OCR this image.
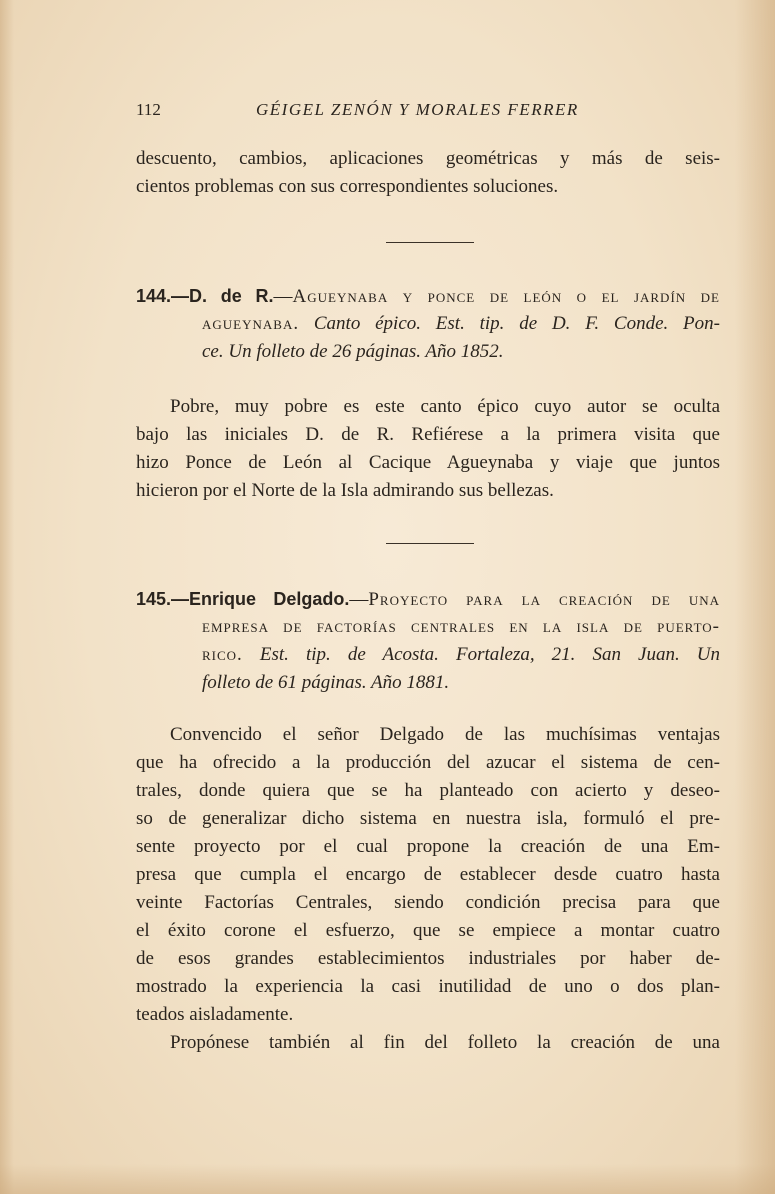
112	GÉIGEL ZENÓN Y MORALES FERRER
descuento, cambios, aplicaciones geométricas y más de seis-
cientos problemas con sus correspondientes soluciones.
144.—D. de R.—Agueynaba y ponce de león o el jardín de
agueynaba. Canto épico. Est. tip. de D. F. Conde. Pon-
ce. Un folleto de 26 páginas. Año 1852.
Pobre, muy pobre es este canto épico cuyo autor se oculta
bajo las iniciales D. de R. Refiérese a la primera visita que
hizo Ponce de León al Cacique Agueynaba y viaje que juntos
hicieron por el Norte de la Isla admirando sus bellezas.
145.—Enrique Delgado.—Proyecto para la creación de una
empresa de factorías centrales en la isla de puerto-
rico. Est. tip. de Acosta. Fortaleza, 21. San Juan. Un
folleto de 61 páginas. Año 1881.
Convencido el señor Delgado de las muchísimas ventajas
que ha ofrecido a la producción del azucar el sistema de cen-
trales, donde quiera que se ha planteado con acierto y deseo-
so de generalizar dicho sistema en nuestra isla, formuló el pre-
sente proyecto por el cual propone la creación de una Em-
presa que cumpla el encargo de establecer desde cuatro hasta
veinte Factorías Centrales, siendo condición precisa para que
el éxito corone el esfuerzo, que se empiece a montar cuatro
de esos grandes establecimientos industriales por haber de-
mostrado la experiencia la casi inutilidad de uno o dos plan-
teados aisladamente.
Propónese también al fin del folleto la creación de una
